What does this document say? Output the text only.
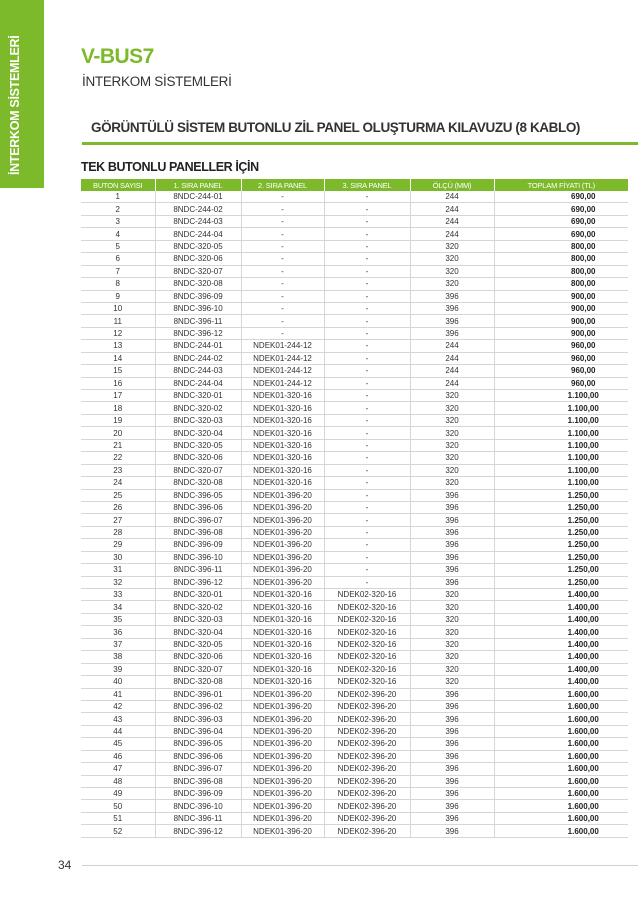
İNTERKOM SİSTEMLERİ	V-BUS7
İNTERKOM SİSTEMLERİ
GÖRÜNTÜLÜ SİSTEM BUTONLU ZİL PANEL OLUŞTURMA KILAVUZU (8 KABLO)
TEK BUTONLU PANELLER İÇİN
BUTON SAYISI	1. SIRA PANEL	2. SIRA PANEL	3. SIRA PANEL	ÖLÇÜ (MM)	TOPLAM FİYATI (TL)
1	8NDC-244-01	-	-	244	690,00
2	8NDC-244-02	-	-	244	690,00
3	8NDC-244-03	-	-	244	690,00
4	8NDC-244-04	-	-	244	690,00
5	8NDC-320-05	-	-	320	800,00
6	8NDC-320-06	-	-	320	800,00
7	8NDC-320-07	-	-	320	800,00
8	8NDC-320-08	-	-	320	800,00
9	8NDC-396-09	-	-	396	900,00
10	8NDC-396-10	-	-	396	900,00
11	8NDC-396-11	-	-	396	900,00
12	8NDC-396-12	-	-	396	900,00
13	8NDC-244-01	NDEK01-244-12	-	244	960,00
14	8NDC-244-02	NDEK01-244-12	-	244	960,00
15	8NDC-244-03	NDEK01-244-12	-	244	960,00
16	8NDC-244-04	NDEK01-244-12	-	244	960,00
17	8NDC-320-01	NDEK01-320-16	-	320	1.100,00
18	8NDC-320-02	NDEK01-320-16	-	320	1.100,00
19	8NDC-320-03	NDEK01-320-16	-	320	1.100,00
20	8NDC-320-04	NDEK01-320-16	-	320	1.100,00
21	8NDC-320-05	NDEK01-320-16	-	320	1.100,00
22	8NDC-320-06	NDEK01-320-16	-	320	1.100,00
23	8NDC-320-07	NDEK01-320-16	-	320	1.100,00
24	8NDC-320-08	NDEK01-320-16	-	320	1.100,00
25	8NDC-396-05	NDEK01-396-20	-	396	1.250,00
26	8NDC-396-06	NDEK01-396-20	-	396	1.250,00
27	8NDC-396-07	NDEK01-396-20	-	396	1.250,00
28	8NDC-396-08	NDEK01-396-20	-	396	1.250,00
29	8NDC-396-09	NDEK01-396-20	-	396	1.250,00
30	8NDC-396-10	NDEK01-396-20	-	396	1.250,00
31	8NDC-396-11	NDEK01-396-20	-	396	1.250,00
32	8NDC-396-12	NDEK01-396-20	-	396	1.250,00
33	8NDC-320-01	NDEK01-320-16	NDEK02-320-16	320	1.400,00
34	8NDC-320-02	NDEK01-320-16	NDEK02-320-16	320	1.400,00
35	8NDC-320-03	NDEK01-320-16	NDEK02-320-16	320	1.400,00
36	8NDC-320-04	NDEK01-320-16	NDEK02-320-16	320	1.400,00
37	8NDC-320-05	NDEK01-320-16	NDEK02-320-16	320	1.400,00
38	8NDC-320-06	NDEK01-320-16	NDEK02-320-16	320	1.400,00
39	8NDC-320-07	NDEK01-320-16	NDEK02-320-16	320	1.400,00
40	8NDC-320-08	NDEK01-320-16	NDEK02-320-16	320	1.400,00
41	8NDC-396-01	NDEK01-396-20	NDEK02-396-20	396	1.600,00
42	8NDC-396-02	NDEK01-396-20	NDEK02-396-20	396	1.600,00
43	8NDC-396-03	NDEK01-396-20	NDEK02-396-20	396	1.600,00
44	8NDC-396-04	NDEK01-396-20	NDEK02-396-20	396	1.600,00
45	8NDC-396-05	NDEK01-396-20	NDEK02-396-20	396	1.600,00
46	8NDC-396-06	NDEK01-396-20	NDEK02-396-20	396	1.600,00
47	8NDC-396-07	NDEK01-396-20	NDEK02-396-20	396	1.600,00
48	8NDC-396-08	NDEK01-396-20	NDEK02-396-20	396	1.600,00
49	8NDC-396-09	NDEK01-396-20	NDEK02-396-20	396	1.600,00
50	8NDC-396-10	NDEK01-396-20	NDEK02-396-20	396	1.600,00
51	8NDC-396-11	NDEK01-396-20	NDEK02-396-20	396	1.600,00
52	8NDC-396-12	NDEK01-396-20	NDEK02-396-20	396	1.600,00
34
